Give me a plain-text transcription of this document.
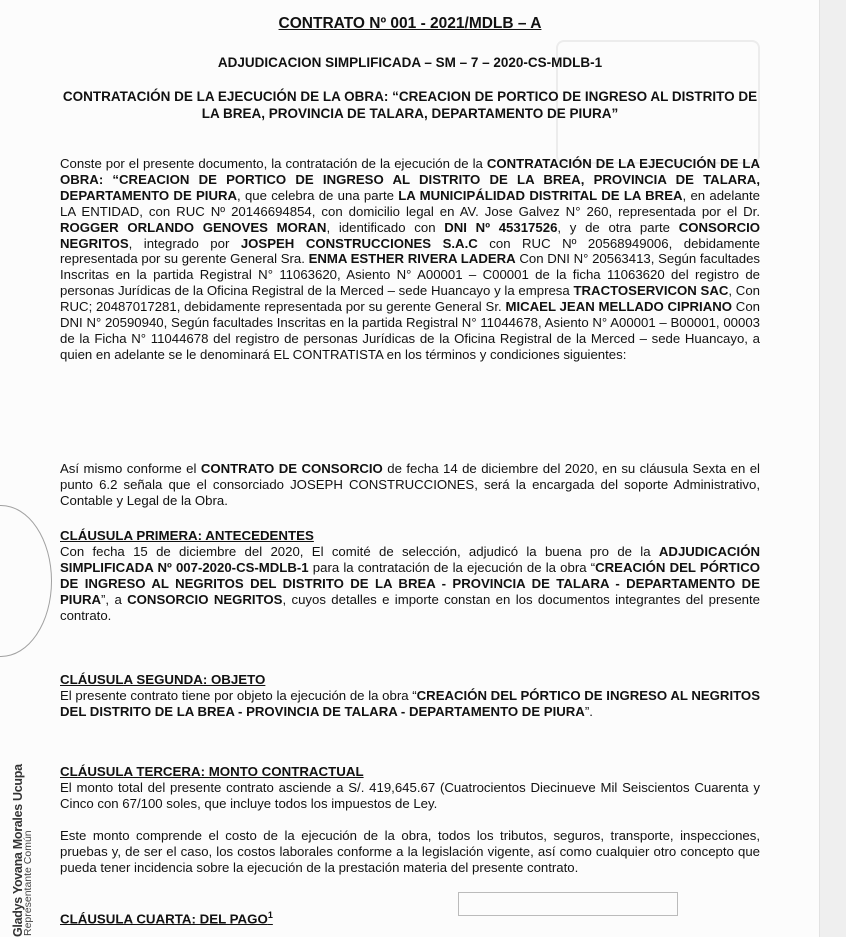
CONTRATO Nº 001 - 2021/MDLB – A
ADJUDICACION SIMPLIFICADA – SM – 7 – 2020-CS-MDLB-1
CONTRATACIÓN DE LA EJECUCIÓN DE LA OBRA: “CREACION DE PORTICO DE INGRESO AL DISTRITO DE LA BREA, PROVINCIA DE TALARA, DEPARTAMENTO DE PIURA”
Conste por el presente documento, la contratación de la ejecución de la CONTRATACIÓN DE LA EJECUCIÓN DE LA OBRA: “CREACION DE PORTICO DE INGRESO AL DISTRITO DE LA BREA, PROVINCIA DE TALARA, DEPARTAMENTO DE PIURA, que celebra de una parte LA MUNICIPÁLIDAD DISTRITAL DE LA BREA, en adelante LA ENTIDAD, con RUC Nº 20146694854, con domicilio legal en AV. Jose Galvez N° 260, representada por el Dr. ROGGER ORLANDO GENOVES MORAN, identificado con DNI Nº 45317526, y de otra parte CONSORCIO NEGRITOS, integrado por JOSPEH CONSTRUCCIONES S.A.C con RUC Nº 20568949006, debidamente representada por su gerente General Sra. ENMA ESTHER RIVERA LADERA Con DNI N° 20563413, Según facultades Inscritas en la partida Registral N° 11063620, Asiento N° A00001 – C00001 de la ficha 11063620 del registro de personas Jurídicas de la Oficina Registral de la Merced – sede Huancayo y la empresa TRACTOSERVICON SAC, Con RUC; 20487017281, debidamente representada por su gerente General Sr. MICAEL JEAN MELLADO CIPRIANO Con DNI N° 20590940, Según facultades Inscritas en la partida Registral N° 11044678, Asiento N° A00001 – B00001, 00003 de la Ficha N° 11044678 del registro de personas Jurídicas de la Oficina Registral de la Merced – sede Huancayo, a quien en adelante se le denominará EL CONTRATISTA en los términos y condiciones siguientes:
Así mismo conforme el CONTRATO DE CONSORCIO de fecha 14 de diciembre del 2020, en su cláusula Sexta en el punto 6.2 señala que el consorciado JOSEPH CONSTRUCCIONES, será la encargada del soporte Administrativo, Contable y Legal de la Obra.
CLÁUSULA PRIMERA: ANTECEDENTES
Con fecha 15 de diciembre del 2020, El comité de selección, adjudicó la buena pro de la ADJUDICACIÓN SIMPLIFICADA Nº 007-2020-CS-MDLB-1 para la contratación de la ejecución de la obra “CREACIÓN DEL PÓRTICO DE INGRESO AL NEGRITOS DEL DISTRITO DE LA BREA - PROVINCIA DE TALARA - DEPARTAMENTO DE PIURA”, a CONSORCIO NEGRITOS, cuyos detalles e importe constan en los documentos integrantes del presente contrato.
CLÁUSULA SEGUNDA: OBJETO
El presente contrato tiene por objeto la ejecución de la obra “CREACIÓN DEL PÓRTICO DE INGRESO AL NEGRITOS DEL DISTRITO DE LA BREA - PROVINCIA DE TALARA - DEPARTAMENTO DE PIURA”.
CLÁUSULA TERCERA: MONTO CONTRACTUAL
El monto total del presente contrato asciende a S/. 419,645.67 (Cuatrocientos Diecinueve Mil Seiscientos Cuarenta y Cinco con 67/100 soles, que incluye todos los impuestos de Ley.
Este monto comprende el costo de la ejecución de la obra, todos los tributos, seguros, transporte, inspecciones, pruebas y, de ser el caso, los costos laborales conforme a la legislación vigente, así como cualquier otro concepto que pueda tener incidencia sobre la ejecución de la prestación materia del presente contrato.
CLÁUSULA CUARTA: DEL PAGO$^1$
Gladys Yovana Morales Ucupa
Representante Común
